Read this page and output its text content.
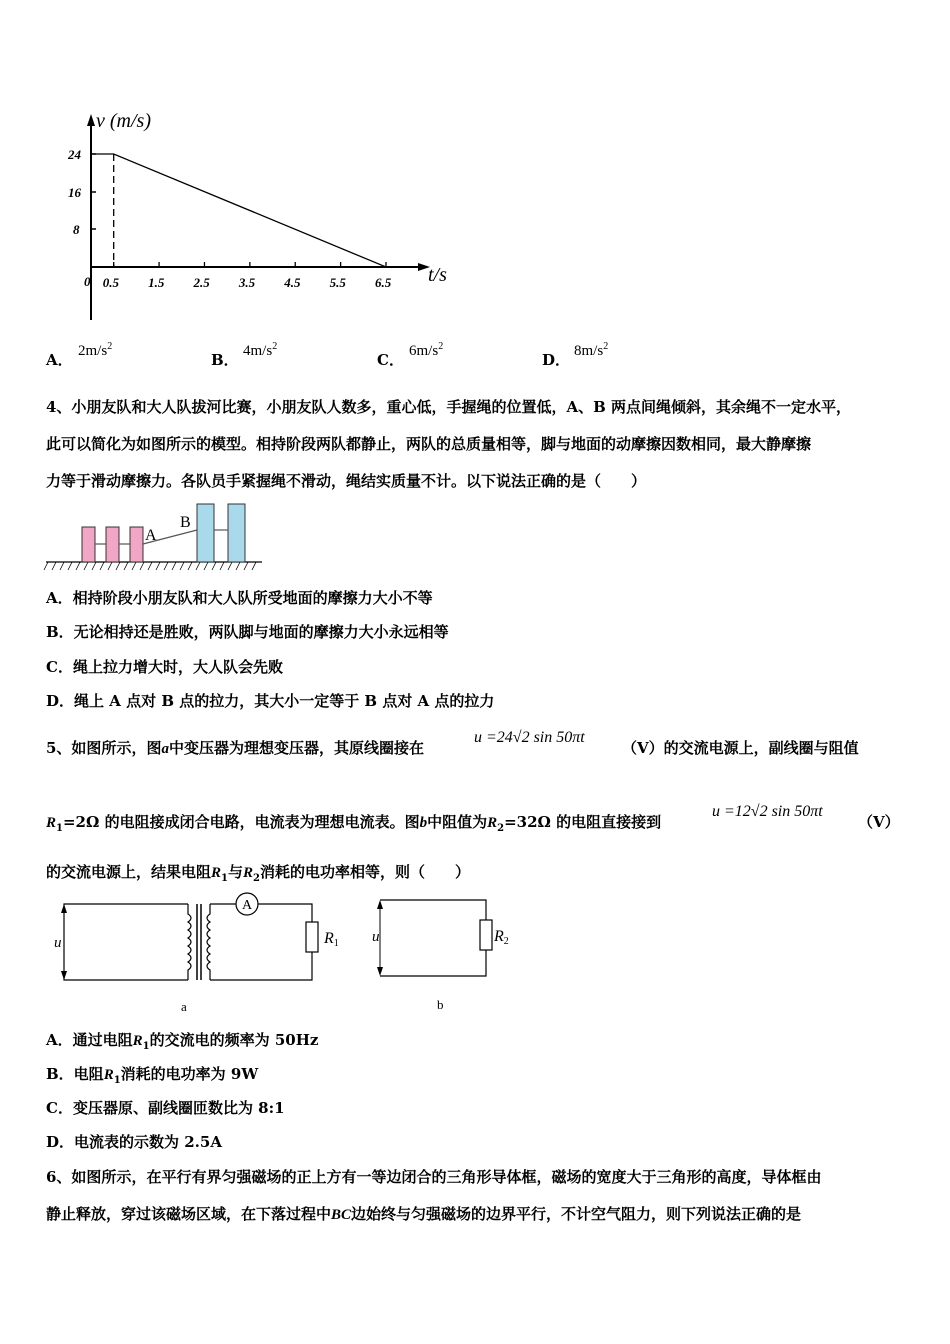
v (m/s)
t/s
24
16
8
0 0.5 1.5 2.5 3.5 4.5 5.5 6.5
A． $2m/s^2$
B． $4m/s^2$
C． $6m/s^2$
D． $8m/s^2$
4、小朋友队和大人队拔河比赛，小朋友队人数多，重心低，手握绳的位置低，A、B 两点间绳倾斜，其余绳不一定水平，
此可以简化为如图所示的模型。相持阶段两队都静止，两队的总质量相等，脚与地面的动摩擦因数相同，最大静摩擦
力等于滑动摩擦力。各队员手紧握绳不滑动，绳结实质量不计。以下说法正确的是（　　）
A
B
A．相持阶段小朋友队和大人队所受地面的摩擦力大小不等
B．无论相持还是胜败，两队脚与地面的摩擦力大小永远相等
C．绳上拉力增大时，大人队会先败
D．绳上 A 点对 B 点的拉力，其大小一定等于 B 点对 A 点的拉力
5、如图所示，图a中变压器为理想变压器，其原线圈接在
u =24√2 sin 50πt
（V）的交流电源上，副线圈与阻值
$R_1=2\Omega$ 的电阻接成闭合电路，电流表为理想电流表。图b中阻值为$R_2=32\Omega$ 的电阻直接接到
u =12√2 sin 50πt
（V）
的交流电源上，结果电阻$R_1$与$R_2$消耗的电功率相等，则（　　）
u
A
R1
a
u	R2
b
A．通过电阻$R_1$的交流电的频率为 50Hz
B．电阻$R_1$消耗的电功率为 9W
C．变压器原、副线圈匝数比为 8:1
D．电流表的示数为 2.5A
6、如图所示，在平行有界匀强磁场的正上方有一等边闭合的三角形导体框，磁场的宽度大于三角形的高度，导体框由
静止释放，穿过该磁场区域，在下落过程中BC边始终与匀强磁场的边界平行，不计空气阻力，则下列说法正确的是
